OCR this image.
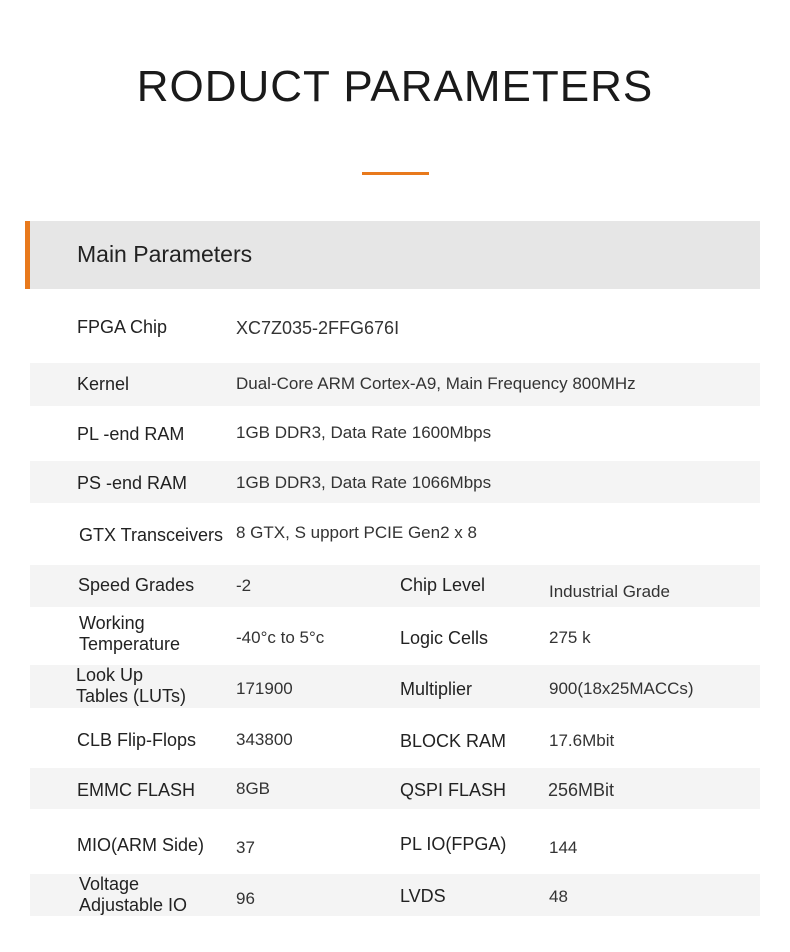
RODUCT PARAMETERS
Main Parameters
FPGA Chip	XC7Z035-2FFG676I
Kernel	Dual-Core ARM Cortex-A9, Main Frequency 800MHz
PL -end RAM	1GB DDR3, Data Rate 1600Mbps
PS -end RAM	1GB DDR3, Data Rate 1066Mbps
GTX Transceivers 8 GTX, S upport PCIE Gen2 x 8
Speed Grades	-2	Chip Level	Industrial Grade
Working Temperature	-40°c to 5°c	Logic Cells	275 k
Look Up Tables (LUTs)	171900	Multiplier	900(18x25MACCs)
CLB Flip-Flops	343800	BLOCK RAM	17.6Mbit
EMMC FLASH	8GB	QSPI FLASH 256MBit
MIO(ARM Side)	37	PL IO(FPGA)	144
Voltage Adjustable IO	96	LVDS	48
